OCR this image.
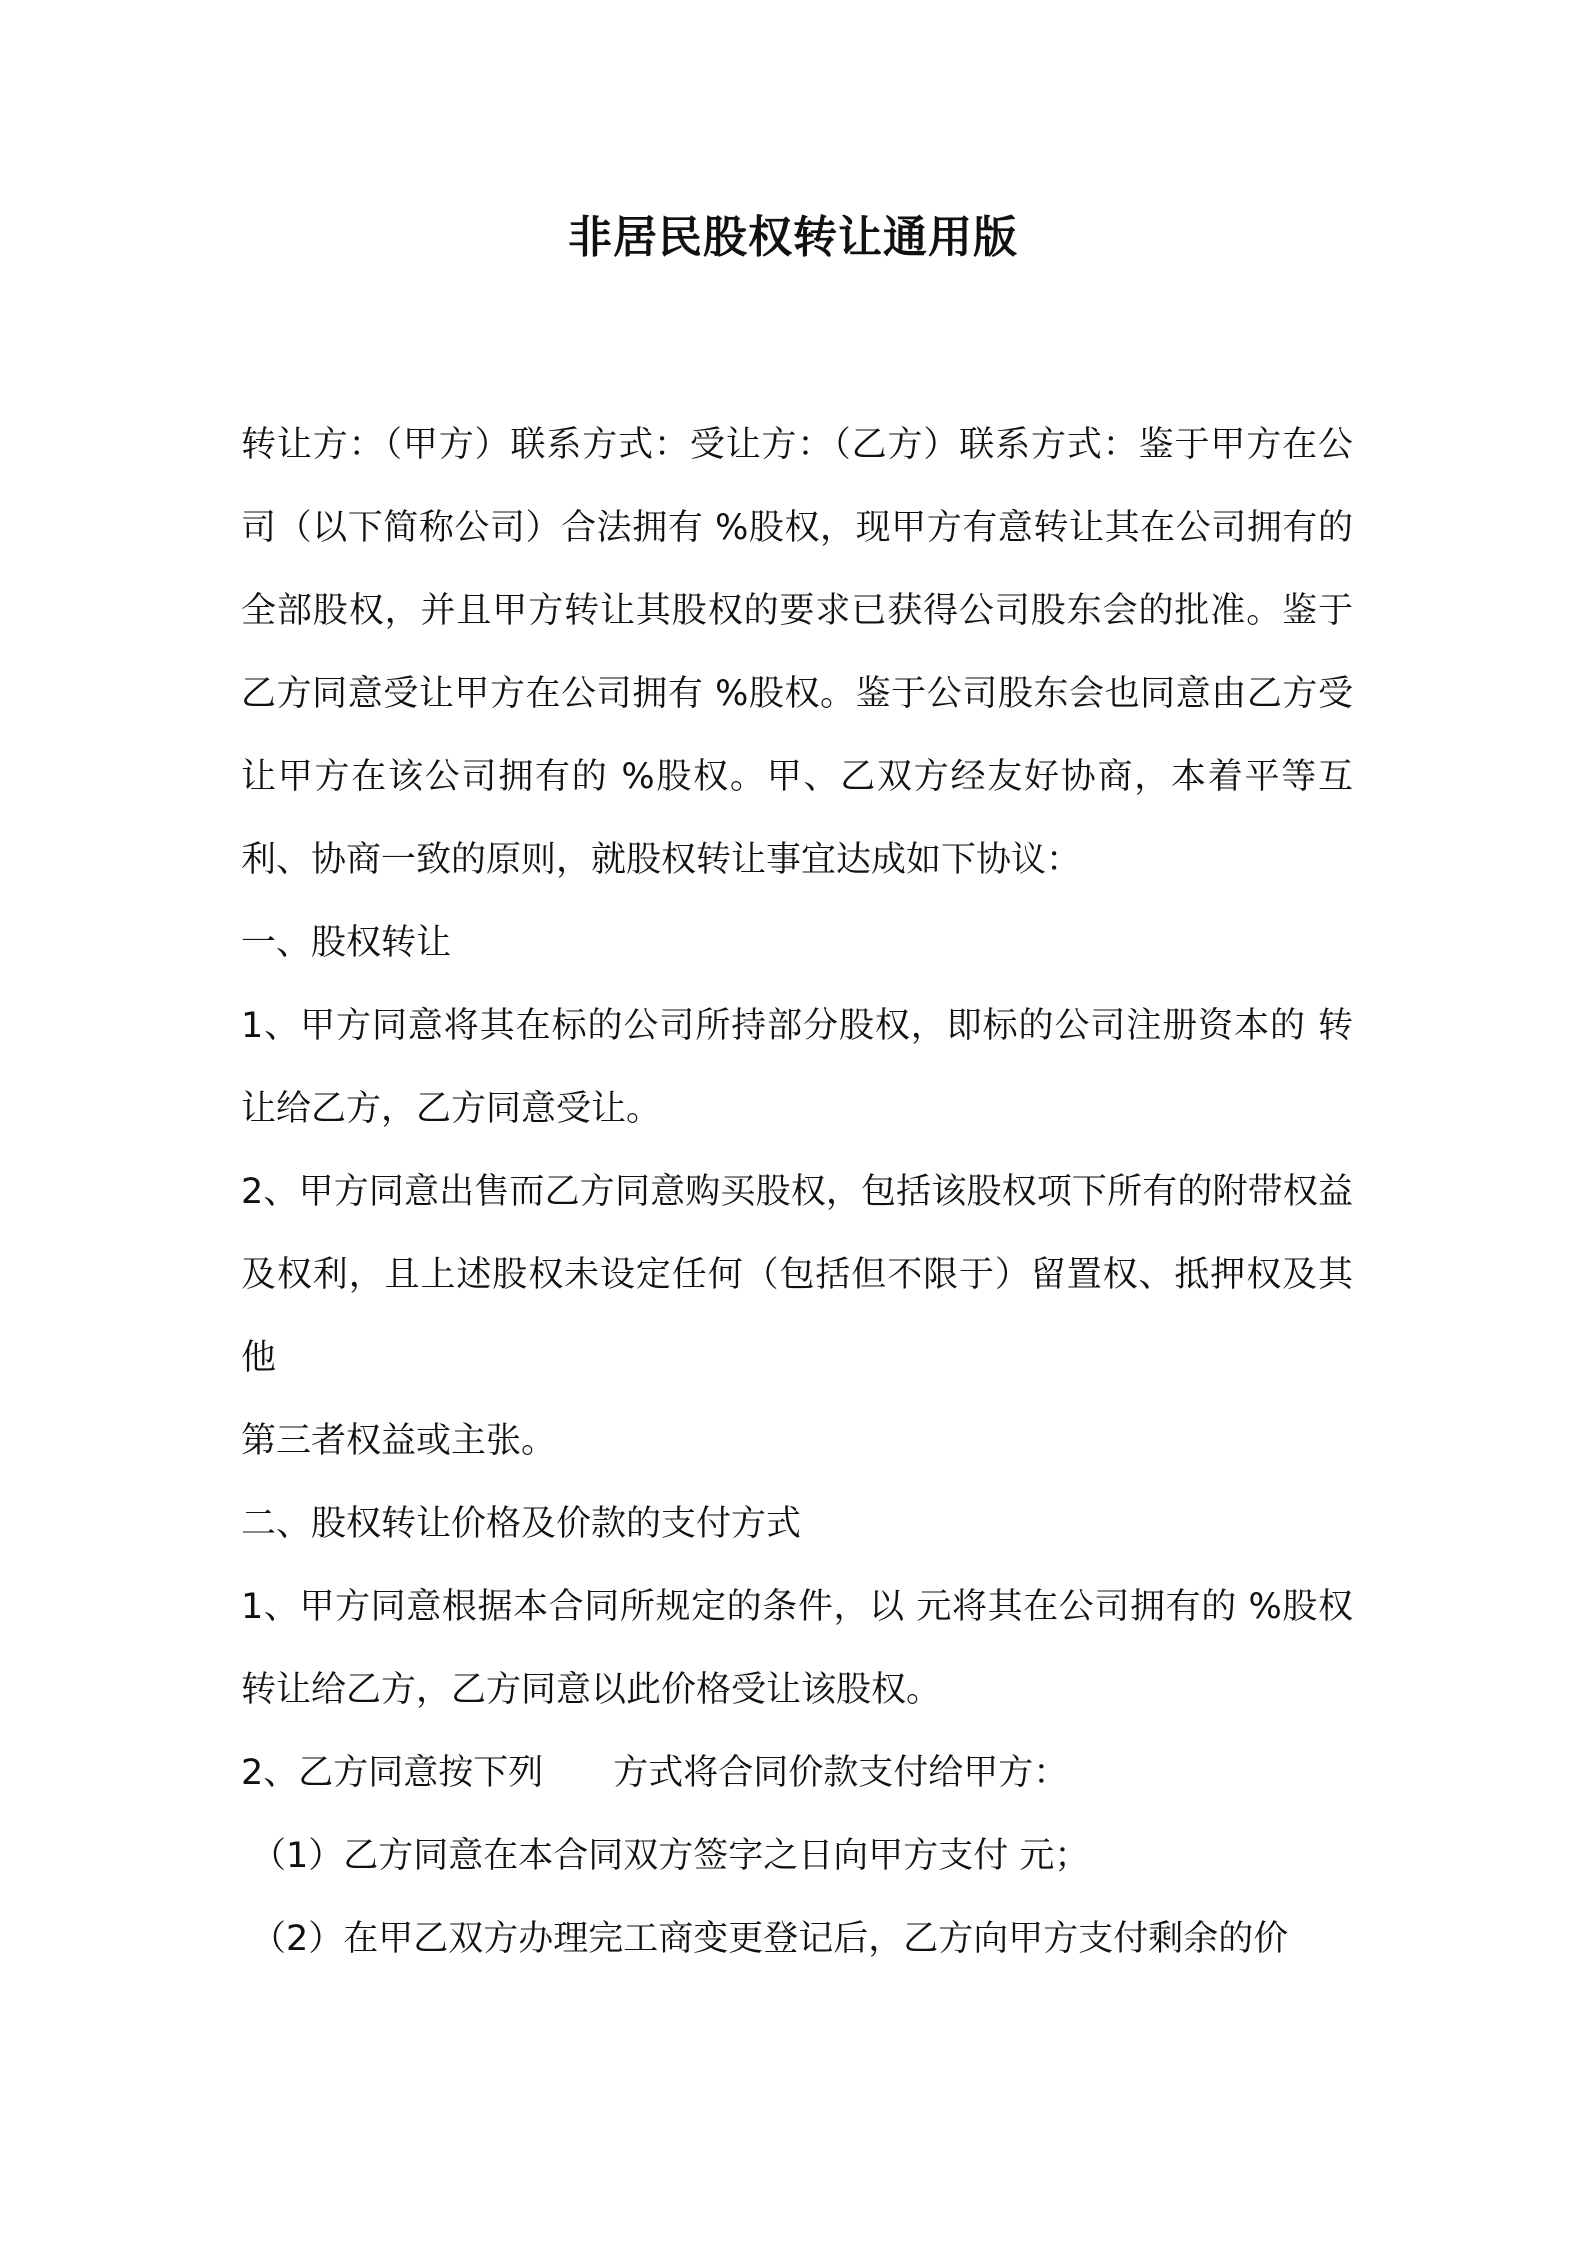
非居民股权转让通用版

转让方：（甲方）联系方式：受让方：（乙方）联系方式：鉴于甲方在公司（以下简称公司）合法拥有 %股权，现甲方有意转让其在公司拥有的全部股权，并且甲方转让其股权的要求已获得公司股东会的批准。鉴于乙方同意受让甲方在公司拥有 %股权。鉴于公司股东会也同意由乙方受让甲方在该公司拥有的 %股权。甲、乙双方经友好协商，本着平等互利、协商一致的原则，就股权转让事宜达成如下协议：

一、股权转让

1、甲方同意将其在标的公司所持部分股权，即标的公司注册资本的 转让给乙方，乙方同意受让。

2、甲方同意出售而乙方同意购买股权，包括该股权项下所有的附带权益及权利，且上述股权未设定任何（包括但不限于）留置权、抵押权及其他

第三者权益或主张。

二、股权转让价格及价款的支付方式

1、甲方同意根据本合同所规定的条件，以 元将其在公司拥有的 %股权转让给乙方，乙方同意以此价格受让该股权。

2、乙方同意按下列　　方式将合同价款支付给甲方：

（1）乙方同意在本合同双方签字之日向甲方支付 元；

（2）在甲乙双方办理完工商变更登记后，乙方向甲方支付剩余的价
